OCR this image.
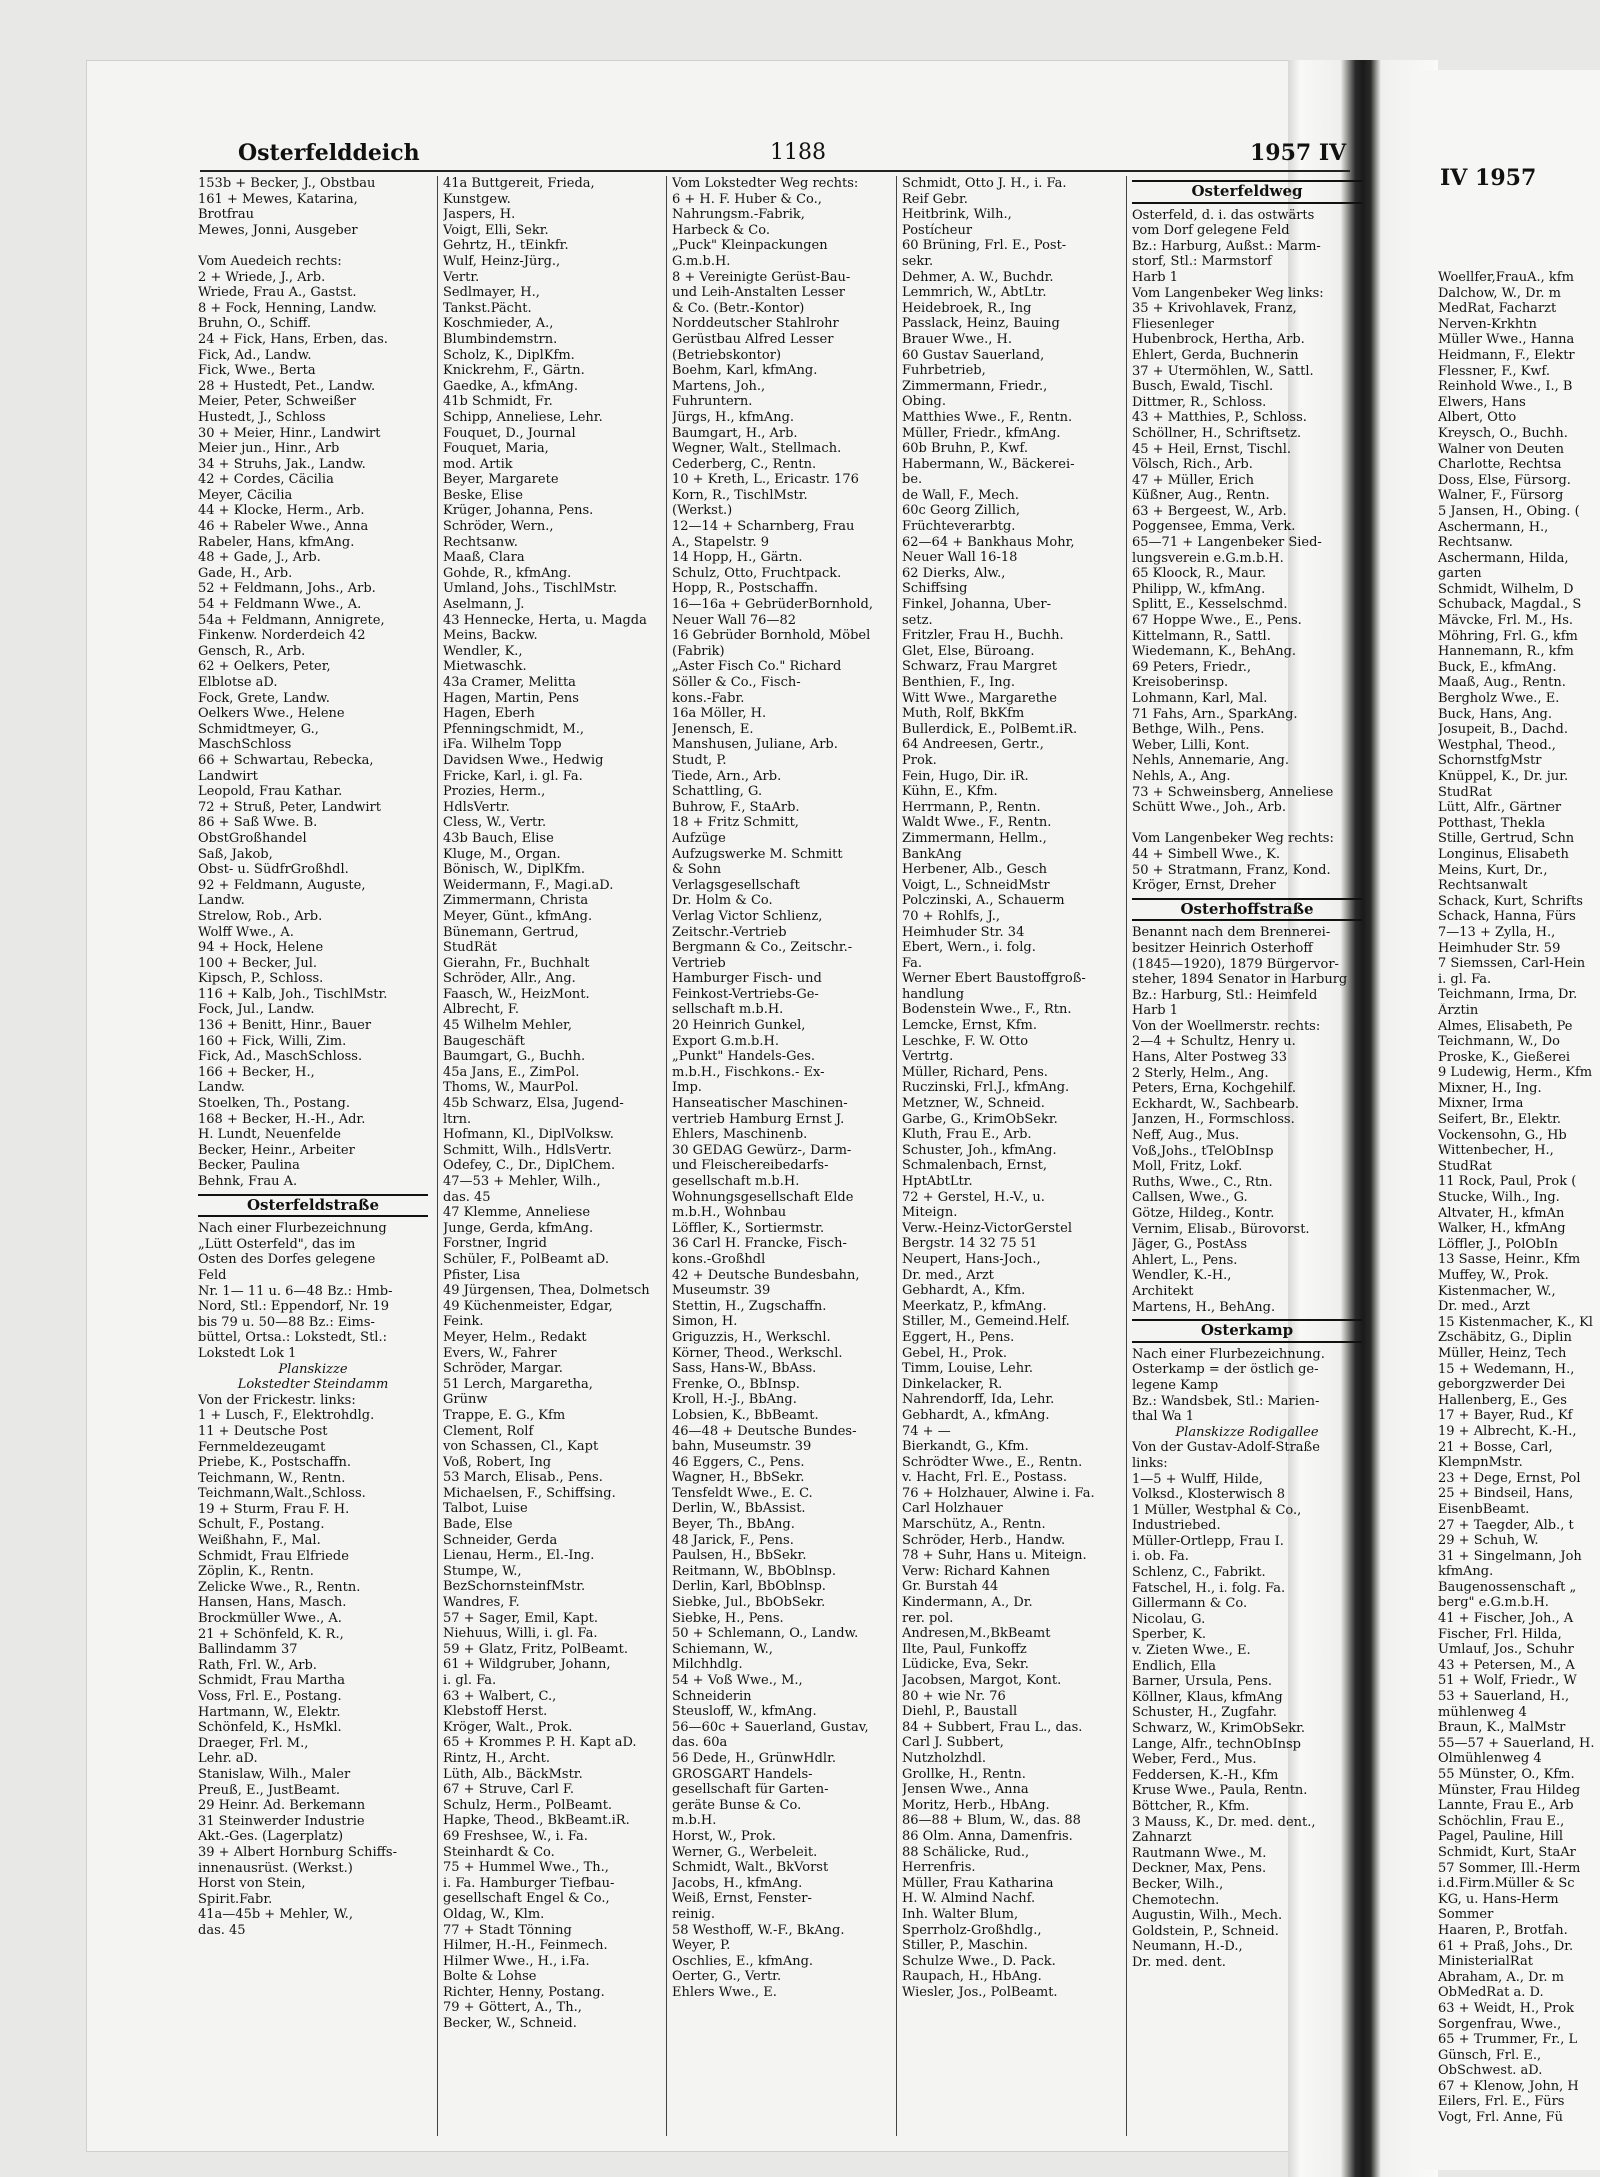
IV 1957
Woellfer,FrauA., kfm
Dalchow, W., Dr. m
MedRat, Facharzt
Nerven-Krkhtn
Müller Wwe., Hanna
Heidmann, F., Elektr
Flessner, F., Kwf.
Reinhold Wwe., I., B
Elwers, Hans
Albert, Otto
Kreysch, O., Buchh.
Walner von Deuten
Charlotte, Rechtsa
Doss, Else, Fürsorg.
Walner, F., Fürsorg
5 Jansen, H., Obing. (
Aschermann, H.,
Rechtsanw.
Aschermann, Hilda,
garten
Schmidt, Wilhelm, D
Schuback, Magdal., S
Mävcke, Frl. M., Hs.
Möhring, Frl. G., kfm
Hannemann, R., kfm
Buck, E., kfmAng.
Maaß, Aug., Rentn.
Bergholz Wwe., E.
Buck, Hans, Ang.
Josupeit, B., Dachd.
Westphal, Theod.,
SchornstfgMstr
Knüppel, K., Dr. jur.
StudRat
Lütt, Alfr., Gärtner
Potthast, Thekla
Stille, Gertrud, Schn
Longinus, Elisabeth
Meins, Kurt, Dr.,
Rechtsanwalt
Schack, Kurt, Schrifts
Schack, Hanna, Fürs
7—13 + Zylla, H.,
Heimhuder Str. 59
7 Siemssen, Carl-Hein
i. gl. Fa.
Teichmann, Irma, Dr.
Ärztin
Almes, Elisabeth, Pe
Teichmann, W., Do
Proske, K., Gießerei
9 Ludewig, Herm., Kfm
Mixner, H., Ing.
Mixner, Irma
Seifert, Br., Elektr.
Vockensohn, G., Hb
Wittenbecher, H.,
StudRat
11 Rock, Paul, Prok (
Stucke, Wilh., Ing.
Altvater, H., kfmAn
Walker, H., kfmAng
Löffler, J., PolObIn
13 Sasse, Heinr., Kfm
Muffey, W., Prok.
Kistenmacher, W.,
Dr. med., Arzt
15 Kistenmacher, K., Kl
Zschäbitz, G., Diplin
Müller, Heinz, Tech
15 + Wedemann, H.,
geborgzwerder Dei
Hallenberg, E., Ges
17 + Bayer, Rud., Kf
19 + Albrecht, K.-H.,
21 + Bosse, Carl,
KlempnMstr.
23 + Dege, Ernst, Pol
25 + Bindseil, Hans,
EisenbBeamt.
27 + Taegder, Alb., t
29 + Schuh, W.
31 + Singelmann, Joh
kfmAng.
Baugenossenschaft „
berg" e.G.m.b.H.
41 + Fischer, Joh., A
Fischer, Frl. Hilda,
Umlauf, Jos., Schuhr
43 + Petersen, M., A
51 + Wolf, Friedr., W
53 + Sauerland, H.,
mühlenweg 4
Braun, K., MalMstr
55—57 + Sauerland, H.
Olmühlenweg 4
55 Münster, O., Kfm.
Münster, Frau Hildeg
Lannte, Frau E., Arb
Schöchlin, Frau E.,
Pagel, Pauline, Hill
Schmidt, Kurt, StaAr
57 Sommer, Ill.-Herm
i.d.Firm.Müller & Sc
KG, u. Hans-Herm
Sommer
Haaren, P., Brotfah.
61 + Praß, Johs., Dr.
MinisterialRat
Abraham, A., Dr. m
ObMedRat a. D.
63 + Weidt, H., Prok
Sorgenfrau, Wwe.,
65 + Trummer, Fr., L
Günsch, Frl. E.,
ObSchwest. aD.
67 + Klenow, John, H
Eilers, Frl. E., Fürs
Vogt, Frl. Anne, Fü
Osterfelddeich	1188	1957 IV
153b + Becker, J., Obstbau
161 + Mewes, Katarina,
Brotfrau
Mewes, Jonni, Ausgeber

Vom Auedeich rechts:
2 + Wriede, J., Arb.
Wriede, Frau A., Gastst.
8 + Fock, Henning, Landw.
Bruhn, O., Schiff.
24 + Fick, Hans, Erben, das.
Fick, Ad., Landw.
Fick, Wwe., Berta
28 + Hustedt, Pet., Landw.
Meier, Peter, Schweißer
Hustedt, J., Schloss
30 + Meier, Hinr., Landwirt
Meier jun., Hinr., Arb
34 + Struhs, Jak., Landw.
42 + Cordes, Cäcilia
Meyer, Cäcilia
44 + Klocke, Herm., Arb.
46 + Rabeler Wwe., Anna
Rabeler, Hans, kfmAng.
48 + Gade, J., Arb.
Gade, H., Arb.
52 + Feldmann, Johs., Arb.
54 + Feldmann Wwe., A.
54a + Feldmann, Annigrete,
Finkenw. Norderdeich 42
Gensch, R., Arb.
62 + Oelkers, Peter,
Elblotse aD.
Fock, Grete, Landw.
Oelkers Wwe., Helene
Schmidtmeyer, G.,
MaschSchloss
66 + Schwartau, Rebecka,
Landwirt
Leopold, Frau Kathar.
72 + Struß, Peter, Landwirt
86 + Saß Wwe. B.
ObstGroßhandel
Saß, Jakob,
Obst- u. SüdfrGroßhdl.
92 + Feldmann, Auguste,
Landw.
Strelow, Rob., Arb.
Wolff Wwe., A.
94 + Hock, Helene
100 + Becker, Jul.
Kipsch, P., Schloss.
116 + Kalb, Joh., TischlMstr.
Fock, Jul., Landw.
136 + Benitt, Hinr., Bauer
160 + Fick, Willi, Zim.
Fick, Ad., MaschSchloss.
166 + Becker, H.,
Landw.
Stoelken, Th., Postang.
168 + Becker, H.-H., Adr.
H. Lundt, Neuenfelde
Becker, Heinr., Arbeiter
Becker, Paulina
Behnk, Frau A.
Osterfeldstraße
Nach einer Flurbezeichnung
„Lütt Osterfeld", das im
Osten des Dorfes gelegene
Feld
Nr. 1— 11 u. 6—48 Bz.: Hmb-
Nord, Stl.: Eppendorf, Nr. 19
bis 79 u. 50—88 Bz.: Eims-
büttel, Ortsa.: Lokstedt, Stl.:
Lokstedt Lok 1
Planskizze
Lokstedter Steindamm
Von der Frickestr. links:
1 + Lusch, F., Elektrohdlg.
11 + Deutsche Post
Fernmeldezeugamt
Priebe, K., Postschaffn.
Teichmann, W., Rentn.
Teichmann,Walt.,Schloss.
19 + Sturm, Frau F. H.
Schult, F., Postang.
Weißhahn, F., Mal.
Schmidt, Frau Elfriede
Zöplin, K., Rentn.
Zelicke Wwe., R., Rentn.
Hansen, Hans, Masch.
Brockmüller Wwe., A.
21 + Schönfeld, K. R.,
Ballindamm 37
Rath, Frl. W., Arb.
Schmidt, Frau Martha
Voss, Frl. E., Postang.
Hartmann, W., Elektr.
Schönfeld, K., HsMkl.
Draeger, Frl. M.,
Lehr. aD.
Stanislaw, Wilh., Maler
Preuß, E., JustBeamt.
29 Heinr. Ad. Berkemann
31 Steinwerder Industrie
Akt.-Ges. (Lagerplatz)
39 + Albert Hornburg Schiffs-
innenausrüst. (Werkst.)
Horst von Stein,
Spirit.Fabr.
41a—45b + Mehler, W.,
das. 45
41a Buttgereit, Frieda,
Kunstgew.
Jaspers, H.
Voigt, Elli, Sekr.
Gehrtz, H., tEinkfr.
Wulf, Heinz-Jürg.,
Vertr.
Sedlmayer, H.,
Tankst.Pächt.
Koschmieder, A.,
Blumbindemstrn.
Scholz, K., DiplKfm.
Knickrehm, F., Gärtn.
Gaedke, A., kfmAng.
41b Schmidt, Fr.
Schipp, Anneliese, Lehr.
Fouquet, D., Journal
Fouquet, Maria,
mod. Artik
Beyer, Margarete
Beske, Elise
Krüger, Johanna, Pens.
Schröder, Wern.,
Rechtsanw.
Maaß, Clara
Gohde, R., kfmAng.
Umland, Johs., TischlMstr.
Aselmann, J.
43 Hennecke, Herta, u. Magda
Meins, Backw.
Wendler, K.,
Mietwaschk.
43a Cramer, Melitta
Hagen, Martin, Pens
Hagen, Eberh
Pfenningschmidt, M.,
iFa. Wilhelm Topp
Davidsen Wwe., Hedwig
Fricke, Karl, i. gl. Fa.
Prozies, Herm.,
HdlsVertr.
Cless, W., Vertr.
43b Bauch, Elise
Kluge, M., Organ.
Bönisch, W., DiplKfm.
Weidermann, F., Magi.aD.
Zimmermann, Christa
Meyer, Günt., kfmAng.
Bünemann, Gertrud,
StudRät
Gierahn, Fr., Buchhalt
Schröder, Allr., Ang.
Faasch, W., HeizMont.
Albrecht, F.
45 Wilhelm Mehler,
Baugeschäft
Baumgart, G., Buchh.
45a Jans, E., ZimPol.
Thoms, W., MaurPol.
45b Schwarz, Elsa, Jugend-
ltrn.
Hofmann, Kl., DiplVolksw.
Schmitt, Wilh., HdlsVertr.
Odefey, C., Dr., DiplChem.
47—53 + Mehler, Wilh.,
das. 45
47 Klemme, Anneliese
Junge, Gerda, kfmAng.
Forstner, Ingrid
Schüler, F., PolBeamt aD.
Pfister, Lisa
49 Jürgensen, Thea, Dolmetsch
49 Küchenmeister, Edgar,
Feink.
Meyer, Helm., Redakt
Evers, W., Fahrer
Schröder, Margar.
51 Lerch, Margaretha,
Grünw
Trappe, E. G., Kfm
Clement, Rolf
von Schassen, Cl., Kapt
Voß, Robert, Ing
53 March, Elisab., Pens.
Michaelsen, F., Schiffsing.
Talbot, Luise
Bade, Else
Schneider, Gerda
Lienau, Herm., El.-Ing.
Stumpe, W.,
BezSchornsteinfMstr.
Wandres, F.
57 + Sager, Emil, Kapt.
Niehuus, Willi, i. gl. Fa.
59 + Glatz, Fritz, PolBeamt.
61 + Wildgruber, Johann,
i. gl. Fa.
63 + Walbert, C.,
Klebstoff Herst.
Kröger, Walt., Prok.
65 + Krommes P. H. Kapt aD.
Rintz, H., Archt.
Lüth, Alb., BäckMstr.
67 + Struve, Carl F.
Schulz, Herm., PolBeamt.
Hapke, Theod., BkBeamt.iR.
69 Freshsee, W., i. Fa.
Steinhardt & Co.
75 + Hummel Wwe., Th.,
i. Fa. Hamburger Tiefbau-
gesellschaft Engel & Co.,
Oldag, W., Klm.
77 + Stadt Tönning
Hilmer, H.-H., Feinmech.
Hilmer Wwe., H., i.Fa.
Bolte & Lohse
Richter, Henny, Postang.
79 + Göttert, A., Th.,
Becker, W., Schneid.
Vom Lokstedter Weg rechts:
6 + H. F. Huber & Co.,
Nahrungsm.-Fabrik,
Harbeck & Co.
„Puck" Kleinpackungen
G.m.b.H.
8 + Vereinigte Gerüst-Bau-
und Leih-Anstalten Lesser
& Co. (Betr.-Kontor)
Norddeutscher Stahlrohr
Gerüstbau Alfred Lesser
(Betriebskontor)
Boehm, Karl, kfmAng.
Martens, Joh.,
Fuhruntern.
Jürgs, H., kfmAng.
Baumgart, H., Arb.
Wegner, Walt., Stellmach.
Cederberg, C., Rentn.
10 + Kreth, L., Ericastr. 176
Korn, R., TischlMstr.
(Werkst.)
12—14 + Scharnberg, Frau
A., Stapelstr. 9
14 Hopp, H., Gärtn.
Schulz, Otto, Fruchtpack.
Hopp, R., Postschaffn.
16—16a + GebrüderBornhold,
Neuer Wall 76—82
16 Gebrüder Bornhold, Möbel
(Fabrik)
„Aster Fisch Co." Richard
Söller & Co., Fisch-
kons.-Fabr.
16a Möller, H.
Jenensch, E.
Manshusen, Juliane, Arb.
Studt, P.
Tiede, Arn., Arb.
Schattling, G.
Buhrow, F., StaArb.
18 + Fritz Schmitt,
Aufzüge
Aufzugswerke M. Schmitt
& Sohn
Verlagsgesellschaft
Dr. Holm & Co.
Verlag Victor Schlienz,
Zeitschr.-Vertrieb
Bergmann & Co., Zeitschr.-
Vertrieb
Hamburger Fisch- und
Feinkost-Vertriebs-Ge-
sellschaft m.b.H.
20 Heinrich Gunkel,
Export G.m.b.H.
„Punkt" Handels-Ges.
m.b.H., Fischkons.- Ex-
Imp.
Hanseatischer Maschinen-
vertrieb Hamburg Ernst J.
Ehlers, Maschinenb.
30 GEDAG Gewürz-, Darm-
und Fleischereibedarfs-
gesellschaft m.b.H.
Wohnungsgesellschaft Elde
m.b.H., Wohnbau
Löffler, K., Sortiermstr.
36 Carl H. Francke, Fisch-
kons.-Großhdl
42 + Deutsche Bundesbahn,
Museumstr. 39
Stettin, H., Zugschaffn.
Simon, H.
Griguzzis, H., Werkschl.
Körner, Theod., Werkschl.
Sass, Hans-W., BbAss.
Frenke, O., BbInsp.
Kroll, H.-J., BbAng.
Lobsien, K., BbBeamt.
46—48 + Deutsche Bundes-
bahn, Museumstr. 39
46 Eggers, C., Pens.
Wagner, H., BbSekr.
Tensfeldt Wwe., E. C.
Derlin, W., BbAssist.
Beyer, Th., BbAng.
48 Jarick, F., Pens.
Paulsen, H., BbSekr.
Reitmann, W., BbOblnsp.
Derlin, Karl, BbOblnsp.
Siebke, Jul., BbObSekr.
Siebke, H., Pens.
50 + Schlemann, O., Landw.
Schiemann, W.,
Milchhdlg.
54 + Voß Wwe., M.,
Schneiderin
Steusloff, W., kfmAng.
56—60c + Sauerland, Gustav,
das. 60a
56 Dede, H., GrünwHdlr.
GROSGART Handels-
gesellschaft für Garten-
geräte Bunse & Co.
m.b.H.
Horst, W., Prok.
Werner, G., Werbeleit.
Schmidt, Walt., BkVorst
Jacobs, H., kfmAng.
Weiß, Ernst, Fenster-
reinig.
58 Westhoff, W.-F., BkAng.
Weyer, P.
Oschlies, E., kfmAng.
Oerter, G., Vertr.
Ehlers Wwe., E.
Schmidt, Otto J. H., i. Fa.
Reif Gebr.
Heitbrink, Wilh.,
Postícheur
60 Brüning, Frl. E., Post-
sekr.
Dehmer, A. W., Buchdr.
Lemmrich, W., AbtLtr.
Heidebroek, R., Ing
Passlack, Heinz, Bauing
Brauer Wwe., H.
60 Gustav Sauerland,
Fuhrbetrieb,
Zimmermann, Friedr.,
Obing.
Matthies Wwe., F., Rentn.
Müller, Friedr., kfmAng.
60b Bruhn, P., Kwf.
Habermann, W., Bäckerei-
be.
de Wall, F., Mech.
60c Georg Zillich,
Früchteverarbtg.
62—64 + Bankhaus Mohr,
Neuer Wall 16-18
62 Dierks, Alw.,
Schiffsing
Finkel, Johanna, Uber-
setz.
Fritzler, Frau H., Buchh.
Glet, Else, Büroang.
Schwarz, Frau Margret
Benthien, F., Ing.
Witt Wwe., Margarethe
Muth, Rolf, BkKfm
Bullerdick, E., PolBemt.iR.
64 Andreesen, Gertr.,
Prok.
Fein, Hugo, Dir. iR.
Kühn, E., Kfm.
Herrmann, P., Rentn.
Waldt Wwe., F., Rentn.
Zimmermann, Hellm.,
BankAng
Herbener, Alb., Gesch
Voigt, L., SchneidMstr
Polczinski, A., Schauerm
70 + Rohlfs, J.,
Heimhuder Str. 34
Ebert, Wern., i. folg.
Fa.
Werner Ebert Baustoffgroß-
handlung
Bodenstein Wwe., F., Rtn.
Lemcke, Ernst, Kfm.
Leschke, F. W. Otto
Vertrtg.
Müller, Richard, Pens.
Ruczinski, Frl.J., kfmAng.
Metzner, W., Schneid.
Garbe, G., KrimObSekr.
Kluth, Frau E., Arb.
Schuster, Joh., kfmAng.
Schmalenbach, Ernst,
HptAbtLtr.
72 + Gerstel, H.-V., u.
Miteign.
Verw.-Heinz-VictorGerstel
Bergstr. 14 32 75 51
Neupert, Hans-Joch.,
Dr. med., Arzt
Gebhardt, A., Kfm.
Meerkatz, P., kfmAng.
Stiller, M., Gemeind.Helf.
Eggert, H., Pens.
Gebel, H., Prok.
Timm, Louise, Lehr.
Dinkelacker, R.
Nahrendorff, Ida, Lehr.
Gebhardt, A., kfmAng.
74 + —
Bierkandt, G., Kfm.
Schrödter Wwe., E., Rentn.
v. Hacht, Frl. E., Postass.
76 + Holzhauer, Alwine i. Fa.
Carl Holzhauer
Marschütz, A., Rentn.
Schröder, Herb., Handw.
78 + Suhr, Hans u. Miteign.
Verw: Richard Kahnen
Gr. Burstah 44
Kindermann, A., Dr.
rer. pol.
Andresen,M.,BkBeamt
Ilte, Paul, Funkoffz
Lüdicke, Eva, Sekr.
Jacobsen, Margot, Kont.
80 + wie Nr. 76
Diehl, P., Baustall
84 + Subbert, Frau L., das.
Carl J. Subbert,
Nutzholzhdl.
Grollke, H., Rentn.
Jensen Wwe., Anna
Moritz, Herb., HbAng.
86—88 + Blum, W., das. 88
86 Olm. Anna, Damenfris.
88 Schälicke, Rud.,
Herrenfris.
Müller, Frau Katharina
H. W. Almind Nachf.
Inh. Walter Blum,
Sperrholz-Großhdlg.,
Stiller, P., Maschin.
Schulze Wwe., D. Pack.
Raupach, H., HbAng.
Wiesler, Jos., PolBeamt.
Osterfeldweg
Osterfeld, d. i. das ostwärts
vom Dorf gelegene Feld
Bz.: Harburg, Außst.: Marm-
storf, Stl.: Marmstorf
Harb 1
Vom Langenbeker Weg links:
35 + Krivohlavek, Franz,
Fliesenleger
Hubenbrock, Hertha, Arb.
Ehlert, Gerda, Buchnerin
37 + Utermöhlen, W., Sattl.
Busch, Ewald, Tischl.
Dittmer, R., Schloss.
43 + Matthies, P., Schloss.
Schöllner, H., Schriftsetz.
45 + Heil, Ernst, Tischl.
Völsch, Rich., Arb.
47 + Müller, Erich
Küßner, Aug., Rentn.
63 + Bergeest, W., Arb.
Poggensee, Emma, Verk.
65—71 + Langenbeker Sied-
lungsverein e.G.m.b.H.
65 Kloock, R., Maur.
Philipp, W., kfmAng.
Splitt, E., Kesselschmd.
67 Hoppe Wwe., E., Pens.
Kittelmann, R., Sattl.
Wiedemann, K., BehAng.
69 Peters, Friedr.,
Kreisoberinsp.
Lohmann, Karl, Mal.
71 Fahs, Arn., SparkAng.
Bethge, Wilh., Pens.
Weber, Lilli, Kont.
Nehls, Annemarie, Ang.
Nehls, A., Ang.
73 + Schweinsberg, Anneliese
Schütt Wwe., Joh., Arb.

Vom Langenbeker Weg rechts:
44 + Simbell Wwe., K.
50 + Stratmann, Franz, Kond.
Kröger, Ernst, Dreher
Osterhoffstraße
Benannt nach dem Brennerei-
besitzer Heinrich Osterhoff
(1845—1920), 1879 Bürgervor-
steher, 1894 Senator in Harburg
Bz.: Harburg, Stl.: Heimfeld
Harb 1
Von der Woellmerstr. rechts:
2—4 + Schultz, Henry u.
Hans, Alter Postweg 33
2 Sterly, Helm., Ang.
Peters, Erna, Kochgehilf.
Eckhardt, W., Sachbearb.
Janzen, H., Formschloss.
Neff, Aug., Mus.
Voß,Johs., tTelObInsp
Moll, Fritz, Lokf.
Ruths, Wwe., C., Rtn.
Callsen, Wwe., G.
Götze, Hildeg., Kontr.
Vernim, Elisab., Bürovorst.
Jäger, G., PostAss
Ahlert, L., Pens.
Wendler, K.-H.,
Architekt
Martens, H., BehAng.
Osterkamp
Nach einer Flurbezeichnung.
Osterkamp = der östlich ge-
legene Kamp
Bz.: Wandsbek, Stl.: Marien-
thal Wa 1
Planskizze Rodigallee
Von der Gustav-Adolf-Straße
links:
1—5 + Wulff, Hilde,
Volksd., Klosterwisch 8
1 Müller, Westphal & Co.,
Industriebed.
Müller-Ortlepp, Frau I.
i. ob. Fa.
Schlenz, C., Fabrikt.
Fatschel, H., i. folg. Fa.
Gillermann & Co.
Nicolau, G.
Sperber, K.
v. Zieten Wwe., E.
Endlich, Ella
Barner, Ursula, Pens.
Köllner, Klaus, kfmAng
Schuster, H., Zugfahr.
Schwarz, W., KrimObSekr.
Lange, Alfr., technObInsp
Weber, Ferd., Mus.
Feddersen, K.-H., Kfm
Kruse Wwe., Paula, Rentn.
Böttcher, R., Kfm.
3 Mauss, K., Dr. med. dent.,
Zahnarzt
Rautmann Wwe., M.
Deckner, Max, Pens.
Becker, Wilh.,
Chemotechn.
Augustin, Wilh., Mech.
Goldstein, P., Schneid.
Neumann, H.-D.,
Dr. med. dent.
